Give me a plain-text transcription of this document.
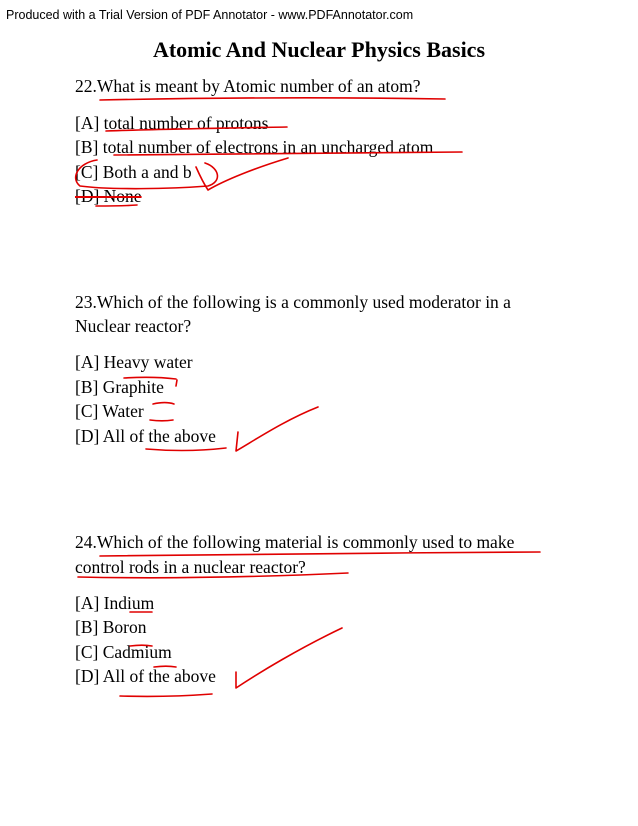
Produced with a Trial Version of PDF Annotator - www.PDFAnnotator.com
Atomic And Nuclear Physics Basics
22.What is meant by Atomic number of an atom?
[A] total number of protons
[B] total number of electrons in an uncharged atom
[C] Both a and b
[D] None
23.Which of the following is a commonly used moderator in a
Nuclear reactor?
[A] Heavy water
[B] Graphite
[C] Water
[D] All of the above
24.Which of the following material is commonly used to make
control rods in a nuclear reactor?
[A] Indium
[B] Boron
[C] Cadmium
[D] All of the above
